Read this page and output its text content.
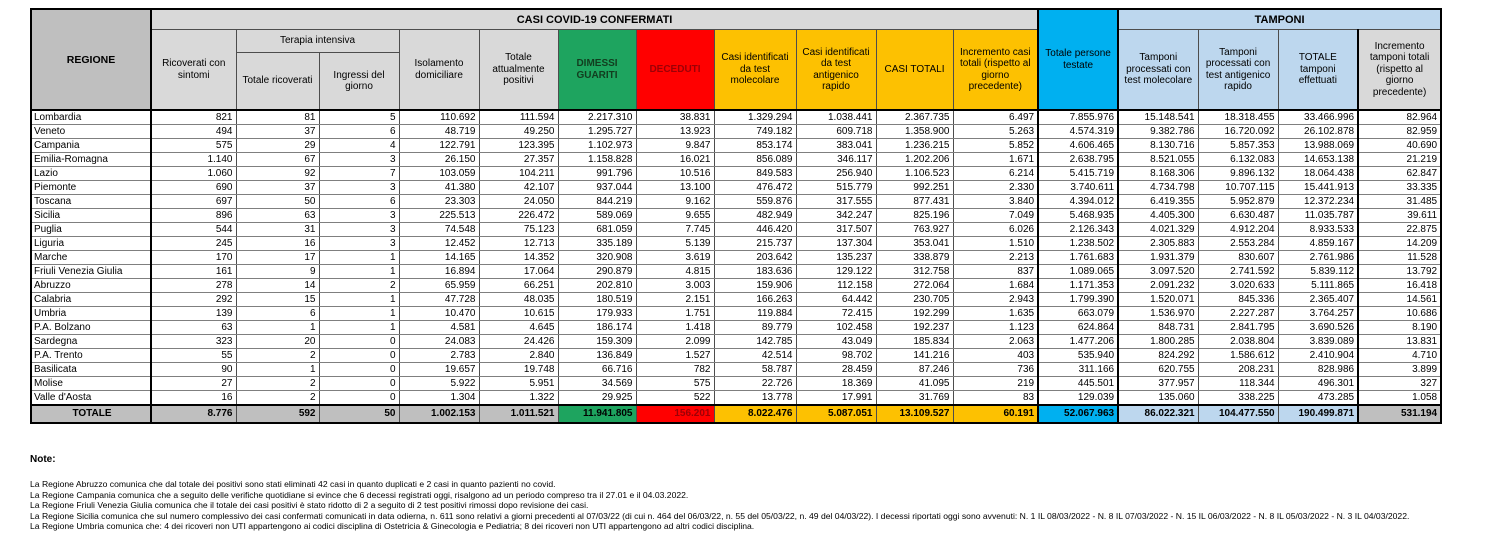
REGIONE	CASI COVID-19 CONFERMATI											Totale persone testate	TAMPONI			
	Ricoverati con sintomi	Terapia intensiva		Isolamento domiciliare	Totale attualmente positivi	DIMESSI GUARITI	DECEDUTI	Casi identificati da test molecolare	Casi identificati da test antigenico rapido	CASI TOTALI	Incremento casi totali (rispetto al giorno precedente)		Tamponi processati con test molecolare	Tamponi processati con test antigenico rapido	TOTALE tamponi effettuati	Incremento tamponi totali (rispetto al giorno precedente)
		Totale ricoverati	Ingressi del giorno													
Lombardia	821	81	5	110.692	111.594	2.217.310	38.831	1.329.294	1.038.441	2.367.735	6.497	7.855.976	15.148.541	18.318.455	33.466.996	82.964
Veneto	494	37	6	48.719	49.250	1.295.727	13.923	749.182	609.718	1.358.900	5.263	4.574.319	9.382.786	16.720.092	26.102.878	82.959
Campania	575	29	4	122.791	123.395	1.102.973	9.847	853.174	383.041	1.236.215	5.852	4.606.465	8.130.716	5.857.353	13.988.069	40.690
Emilia-Romagna	1.140	67	3	26.150	27.357	1.158.828	16.021	856.089	346.117	1.202.206	1.671	2.638.795	8.521.055	6.132.083	14.653.138	21.219
Lazio	1.060	92	7	103.059	104.211	991.796	10.516	849.583	256.940	1.106.523	6.214	5.415.719	8.168.306	9.896.132	18.064.438	62.847
Piemonte	690	37	3	41.380	42.107	937.044	13.100	476.472	515.779	992.251	2.330	3.740.611	4.734.798	10.707.115	15.441.913	33.335
Toscana	697	50	6	23.303	24.050	844.219	9.162	559.876	317.555	877.431	3.840	4.394.012	6.419.355	5.952.879	12.372.234	31.485
Sicilia	896	63	3	225.513	226.472	589.069	9.655	482.949	342.247	825.196	7.049	5.468.935	4.405.300	6.630.487	11.035.787	39.611
Puglia	544	31	3	74.548	75.123	681.059	7.745	446.420	317.507	763.927	6.026	2.126.343	4.021.329	4.912.204	8.933.533	22.875
Liguria	245	16	3	12.452	12.713	335.189	5.139	215.737	137.304	353.041	1.510	1.238.502	2.305.883	2.553.284	4.859.167	14.209
Marche	170	17	1	14.165	14.352	320.908	3.619	203.642	135.237	338.879	2.213	1.761.683	1.931.379	830.607	2.761.986	11.528
Friuli Venezia Giulia	161	9	1	16.894	17.064	290.879	4.815	183.636	129.122	312.758	837	1.089.065	3.097.520	2.741.592	5.839.112	13.792
Abruzzo	278	14	2	65.959	66.251	202.810	3.003	159.906	112.158	272.064	1.684	1.171.353	2.091.232	3.020.633	5.111.865	16.418
Calabria	292	15	1	47.728	48.035	180.519	2.151	166.263	64.442	230.705	2.943	1.799.390	1.520.071	845.336	2.365.407	14.561
Umbria	139	6	1	10.470	10.615	179.933	1.751	119.884	72.415	192.299	1.635	663.079	1.536.970	2.227.287	3.764.257	10.686
P.A. Bolzano	63	1	1	4.581	4.645	186.174	1.418	89.779	102.458	192.237	1.123	624.864	848.731	2.841.795	3.690.526	8.190
Sardegna	323	20	0	24.083	24.426	159.309	2.099	142.785	43.049	185.834	2.063	1.477.206	1.800.285	2.038.804	3.839.089	13.831
P.A. Trento	55	2	0	2.783	2.840	136.849	1.527	42.514	98.702	141.216	403	535.940	824.292	1.586.612	2.410.904	4.710
Basilicata	90	1	0	19.657	19.748	66.716	782	58.787	28.459	87.246	736	311.166	620.755	208.231	828.986	3.899
Molise	27	2	0	5.922	5.951	34.569	575	22.726	18.369	41.095	219	445.501	377.957	118.344	496.301	327
Valle d'Aosta	16	2	0	1.304	1.322	29.925	522	13.778	17.991	31.769	83	129.039	135.060	338.225	473.285	1.058
TOTALE	8.776	592	50	1.002.153	1.011.521	11.941.805	156.201	8.022.476	5.087.051	13.109.527	60.191	52.067.963	86.022.321	104.477.550	190.499.871	531.194
Note:
La Regione Abruzzo comunica che dal totale dei positivi sono stati eliminati 42 casi in quanto duplicati e 2 casi in quanto pazienti no covid.
La Regione Campania comunica che a seguito delle verifiche quotidiane si evince che 6 decessi registrati oggi, risalgono ad un periodo compreso tra il 27.01 e il 04.03.2022.
La Regione Friuli Venezia Giulia comunica che il totale dei casi positivi è stato ridotto di 2 a seguito di 2 test positivi rimossi dopo revisione dei casi.
La Regione Sicilia comunica che sul numero complessivo dei casi confermati comunicati in data odierna, n. 611 sono relativi a giorni precedenti al 07/03/22 (di cui n. 464 del 06/03/22, n. 55 del 05/03/22, n. 49 del 04/03/22). I decessi riportati oggi sono avvenuti: N. 1 IL 08/03/2022 - N. 8 IL 07/03/2022 - N. 15 IL 06/03/2022 - N. 8 IL 05/03/2022 - N. 3 IL 04/03/2022.
La Regione Umbria comunica che: 4 dei ricoveri non UTI appartengono ai codici disciplina di Ostetricia & Ginecologia e Pediatria; 8 dei ricoveri non UTI appartengono ad altri codici disciplina.
